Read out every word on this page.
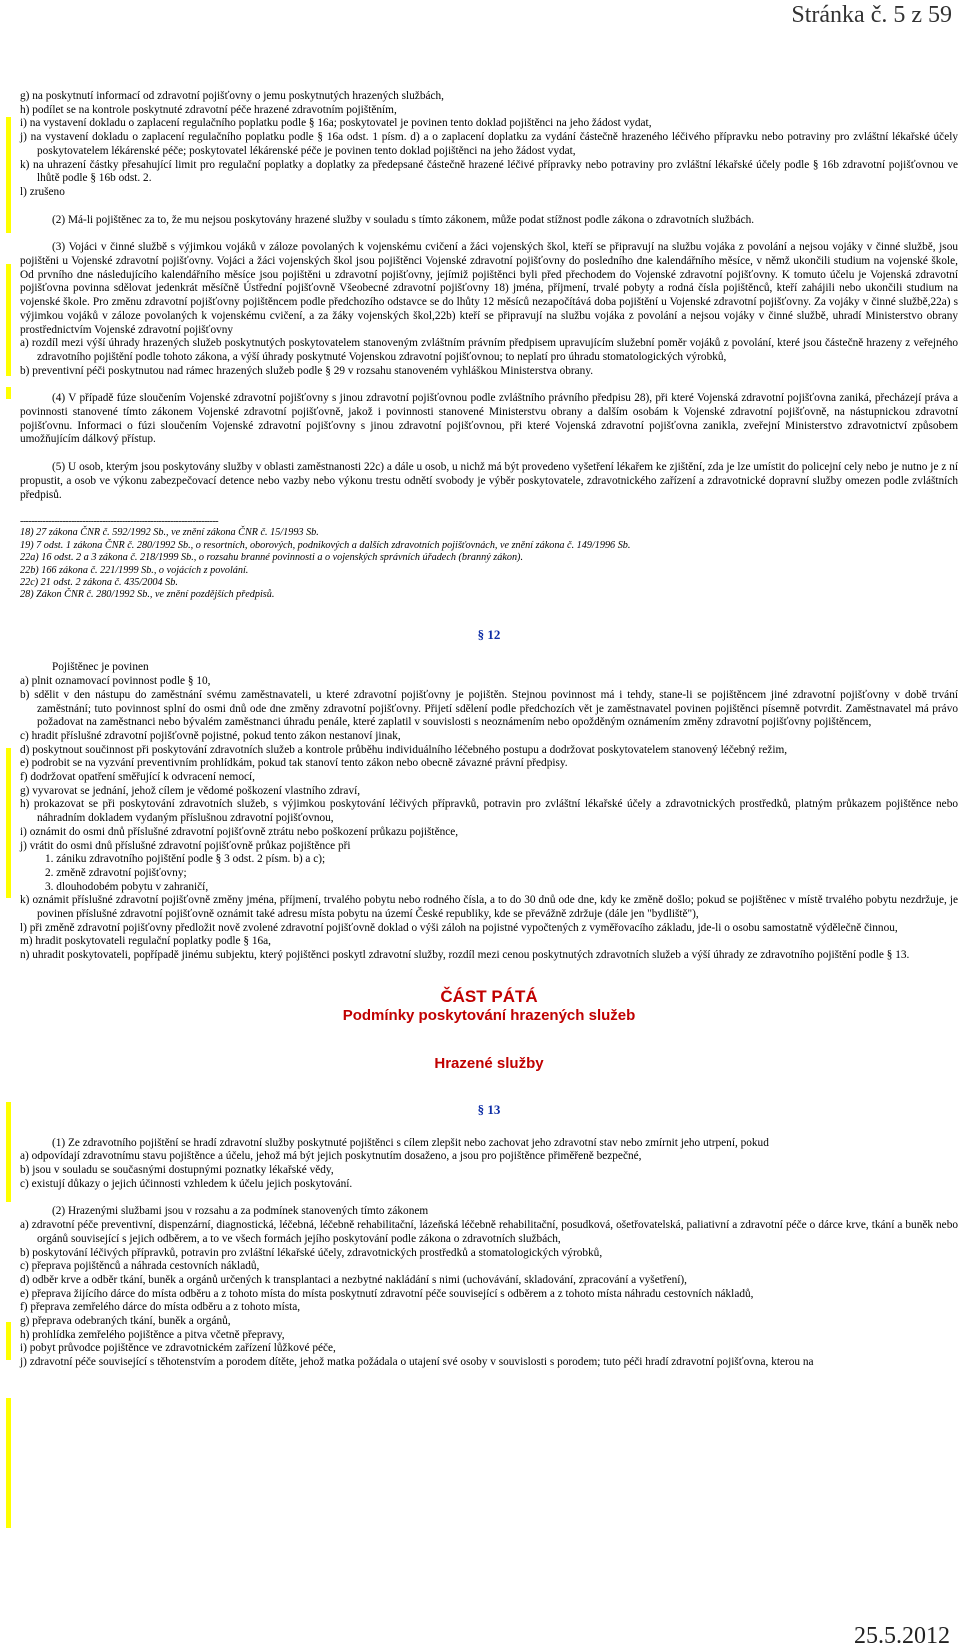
Stránka č. 5 z 59
g) na poskytnutí informací od zdravotní pojišťovny o jemu poskytnutých hrazených službách,
h) podílet se na kontrole poskytnuté zdravotní péče hrazené zdravotním pojištěním,
i) na vystavení dokladu o zaplacení regulačního poplatku podle § 16a; poskytovatel je povinen tento doklad pojištěnci na jeho žádost vydat,
j) na vystavení dokladu o zaplacení regulačního poplatku podle § 16a odst. 1 písm. d) a o zaplacení doplatku za vydání částečně hrazeného léčivého přípravku nebo potraviny pro zvláštní lékařské účely poskytovatelem lékárenské péče; poskytovatel lékárenské péče je povinen tento doklad pojištěnci na jeho žádost vydat,
k) na uhrazení částky přesahující limit pro regulační poplatky a doplatky za předepsané částečně hrazené léčivé přípravky nebo potraviny pro zvláštní lékařské účely podle § 16b zdravotní pojišťovnou ve lhůtě podle § 16b odst. 2.
l) zrušeno

(2) Má-li pojištěnec za to, že mu nejsou poskytovány hrazené služby v souladu s tímto zákonem, může podat stížnost podle zákona o zdravotních službách.

(3) Vojáci v činné službě s výjimkou vojáků v záloze povolaných k vojenskému cvičení a žáci vojenských škol, kteří se připravují na službu vojáka z povolání a nejsou vojáky v činné službě, jsou pojištěni u Vojenské zdravotní pojišťovny. Vojáci a žáci vojenských škol jsou pojištěnci Vojenské zdravotní pojišťovny do posledního dne kalendářního měsíce, v němž ukončili studium na vojenské škole, Od prvního dne následujícího kalendářního měsíce jsou pojištěni u zdravotní pojišťovny, jejímiž pojištěnci byli před přechodem do Vojenské zdravotní pojišťovny. K tomuto účelu je Vojenská zdravotní pojišťovna povinna sdělovat jedenkrát měsíčně Ústřední pojišťovně Všeobecné zdravotní pojišťovny 18) jména, příjmení, trvalé pobyty a rodná čísla pojištěnců, kteří zahájili nebo ukončili studium na vojenské škole. Pro změnu zdravotní pojišťovny pojištěncem podle předchozího odstavce se do lhůty 12 měsíců nezapočítává doba pojištění u Vojenské zdravotní pojišťovny. Za vojáky v činné službě,22a) s výjimkou vojáků v záloze povolaných k vojenskému cvičení, a za žáky vojenských škol,22b) kteří se připravují na službu vojáka z povolání a nejsou vojáky v činné službě, uhradí Ministerstvo obrany prostřednictvím Vojenské zdravotní pojišťovny

a) rozdíl mezi výší úhrady hrazených služeb poskytnutých poskytovatelem stanoveným zvláštním právním předpisem upravujícím služební poměr vojáků z povolání, které jsou částečně hrazeny z veřejného zdravotního pojištění podle tohoto zákona, a výší úhrady poskytnuté Vojenskou zdravotní pojišťovnou; to neplatí pro úhradu stomatologických výrobků,
b) preventivní péči poskytnutou nad rámec hrazených služeb podle § 29 v rozsahu stanoveném vyhláškou Ministerstva obrany.

(4) V případě fúze sloučením Vojenské zdravotní pojišťovny s jinou zdravotní pojišťovnou podle zvláštního právního předpisu 28), při které Vojenská zdravotní pojišťovna zaniká, přecházejí práva a povinnosti stanovené tímto zákonem Vojenské zdravotní pojišťovně, jakož i povinnosti stanovené Ministerstvu obrany a dalším osobám k Vojenské zdravotní pojišťovně, na nástupnickou zdravotní pojišťovnu. Informaci o fúzi sloučením Vojenské zdravotní pojišťovny s jinou zdravotní pojišťovnou, při které Vojenská zdravotní pojišťovna zanikla, zveřejní Ministerstvo zdravotnictví způsobem umožňujícím dálkový přístup.

(5) U osob, kterým jsou poskytovány služby v oblasti zaměstnanosti 22c) a dále u osob, u nichž má být provedeno vyšetření lékařem ke zjištění, zda je lze umístit do policejní cely nebo je nutno je z ní propustit, a osob ve výkonu zabezpečovací detence nebo vazby nebo výkonu trestu odnětí svobody je výběr poskytovatele, zdravotnického zařízení a zdravotnické dopravní služby omezen podle zvláštních předpisů.

----------------------------------------------------------------------
18) 27 zákona ČNR č. 592/1992 Sb., ve znění zákona ČNR č. 15/1993 Sb.
19) 7 odst. 1 zákona ČNR č. 280/1992 Sb., o resortních, oborových, podnikových a dalších zdravotních pojišťovnách, ve znění zákona č. 149/1996 Sb.
22a) 16 odst. 2 a 3 zákona č. 218/1999 Sb., o rozsahu branné povinnosti a o vojenských správních úřadech (branný zákon).
22b) 166 zákona č. 221/1999 Sb., o vojácích z povolání.
22c) 21 odst. 2 zákona č. 435/2004 Sb.
28) Zákon ČNR č. 280/1992 Sb., ve znění pozdějších předpisů.
§ 12

Pojištěnec je povinen

a) plnit oznamovací povinnost podle § 10,
b) sdělit v den nástupu do zaměstnání svému zaměstnavateli, u které zdravotní pojišťovny je pojištěn. Stejnou povinnost má i tehdy, stane-li se pojištěncem jiné zdravotní pojišťovny v době trvání zaměstnání; tuto povinnost splní do osmi dnů ode dne změny zdravotní pojišťovny. Přijetí sdělení podle předchozích vět je zaměstnavatel povinen pojištěnci písemně potvrdit. Zaměstnavatel má právo požadovat na zaměstnanci nebo bývalém zaměstnanci úhradu penále, které zaplatil v souvislosti s neoznámením nebo opožděným oznámením změny zdravotní pojišťovny pojištěncem,
c) hradit příslušné zdravotní pojišťovně pojistné, pokud tento zákon nestanoví jinak,
d) poskytnout součinnost při poskytování zdravotních služeb a kontrole průběhu individuálního léčebného postupu a dodržovat poskytovatelem stanovený léčebný režim,
e) podrobit se na vyzvání preventivním prohlídkám, pokud tak stanoví tento zákon nebo obecně závazné právní předpisy.
f) dodržovat opatření směřující k odvracení nemocí,
g) vyvarovat se jednání, jehož cílem je vědomé poškození vlastního zdraví,
h) prokazovat se při poskytování zdravotních služeb, s výjimkou poskytování léčivých přípravků, potravin pro zvláštní lékařské účely a zdravotnických prostředků, platným průkazem pojištěnce nebo náhradním dokladem vydaným příslušnou zdravotní pojišťovnou,
i) oznámit do osmi dnů příslušné zdravotní pojišťovně ztrátu nebo poškození průkazu pojištěnce,
j) vrátit do osmi dnů příslušné zdravotní pojišťovně průkaz pojištěnce při
1. zániku zdravotního pojištění podle § 3 odst. 2 písm. b) a c);
2. změně zdravotní pojišťovny;
3. dlouhodobém pobytu v zahraničí,
k) oznámit příslušné zdravotní pojišťovně změny jména, příjmení, trvalého pobytu nebo rodného čísla, a to do 30 dnů ode dne, kdy ke změně došlo; pokud se pojištěnec v místě trvalého pobytu nezdržuje, je povinen příslušné zdravotní pojišťovně oznámit také adresu místa pobytu na území České republiky, kde se převážně zdržuje (dále jen "bydliště"),
l) při změně zdravotní pojišťovny předložit nově zvolené zdravotní pojišťovně doklad o výši záloh na pojistné vypočtených z vyměřovacího základu, jde-li o osobu samostatně výdělečně činnou,
m) hradit poskytovateli regulační poplatky podle § 16a,
n) uhradit poskytovateli, popřípadě jinému subjektu, který pojištěnci poskytl zdravotní služby, rozdíl mezi cenou poskytnutých zdravotních služeb a výší úhrady ze zdravotního pojištění podle § 13.
ČÁST PÁTÁ
Podmínky poskytování hrazených služeb
Hrazené služby
§ 13

(1) Ze zdravotního pojištění se hradí zdravotní služby poskytnuté pojištěnci s cílem zlepšit nebo zachovat jeho zdravotní stav nebo zmírnit jeho utrpení, pokud

a) odpovídají zdravotnímu stavu pojištěnce a účelu, jehož má být jejich poskytnutím dosaženo, a jsou pro pojištěnce přiměřeně bezpečné,
b) jsou v souladu se současnými dostupnými poznatky lékařské vědy,
c) existují důkazy o jejich účinnosti vzhledem k účelu jejich poskytování.

(2) Hrazenými službami jsou v rozsahu a za podmínek stanovených tímto zákonem

a) zdravotní péče preventivní, dispenzární, diagnostická, léčebná, léčebně rehabilitační, lázeňská léčebně rehabilitační, posudková, ošetřovatelská, paliativní a zdravotní péče o dárce krve, tkání a buněk nebo orgánů související s jejich odběrem, a to ve všech formách jejího poskytování podle zákona o zdravotních službách,
b) poskytování léčivých přípravků, potravin pro zvláštní lékařské účely, zdravotnických prostředků a stomatologických výrobků,
c) přeprava pojištěnců a náhrada cestovních nákladů,
d) odběr krve a odběr tkání, buněk a orgánů určených k transplantaci a nezbytné nakládání s nimi (uchovávání, skladování, zpracování a vyšetření),
e) přeprava žijícího dárce do místa odběru a z tohoto místa do místa poskytnutí zdravotní péče související s odběrem a z tohoto místa náhradu cestovních nákladů,
f) přeprava zemřelého dárce do místa odběru a z tohoto místa,
g) přeprava odebraných tkání, buněk a orgánů,
h) prohlídka zemřelého pojištěnce a pitva včetně přepravy,
i) pobyt průvodce pojištěnce ve zdravotnickém zařízení lůžkové péče,
j) zdravotní péče související s těhotenstvím a porodem dítěte, jehož matka požádala o utajení své osoby v souvislosti s porodem; tuto péči hradí zdravotní pojišťovna, kterou na
25.5.2012
